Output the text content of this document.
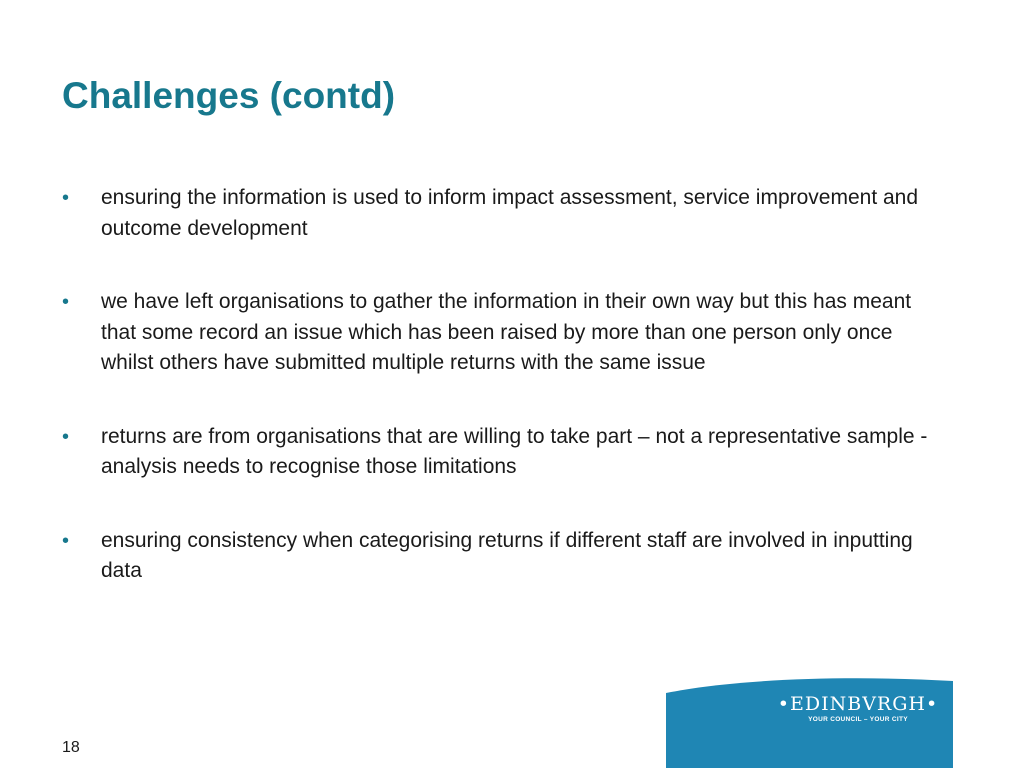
Challenges (contd)
• ensuring the information is used to inform impact assessment, service improvement and outcome development
• we have left organisations to gather the information in their own way but this has meant that some record an issue which has been raised by more than one person only once whilst others have submitted multiple returns with the same issue
• returns are from organisations that are willing to take part – not a representative sample - analysis needs to recognise those limitations
• ensuring consistency when categorising returns if different staff are involved in inputting data
18
•EDINBVRGH•
YOUR COUNCIL – YOUR CITY
